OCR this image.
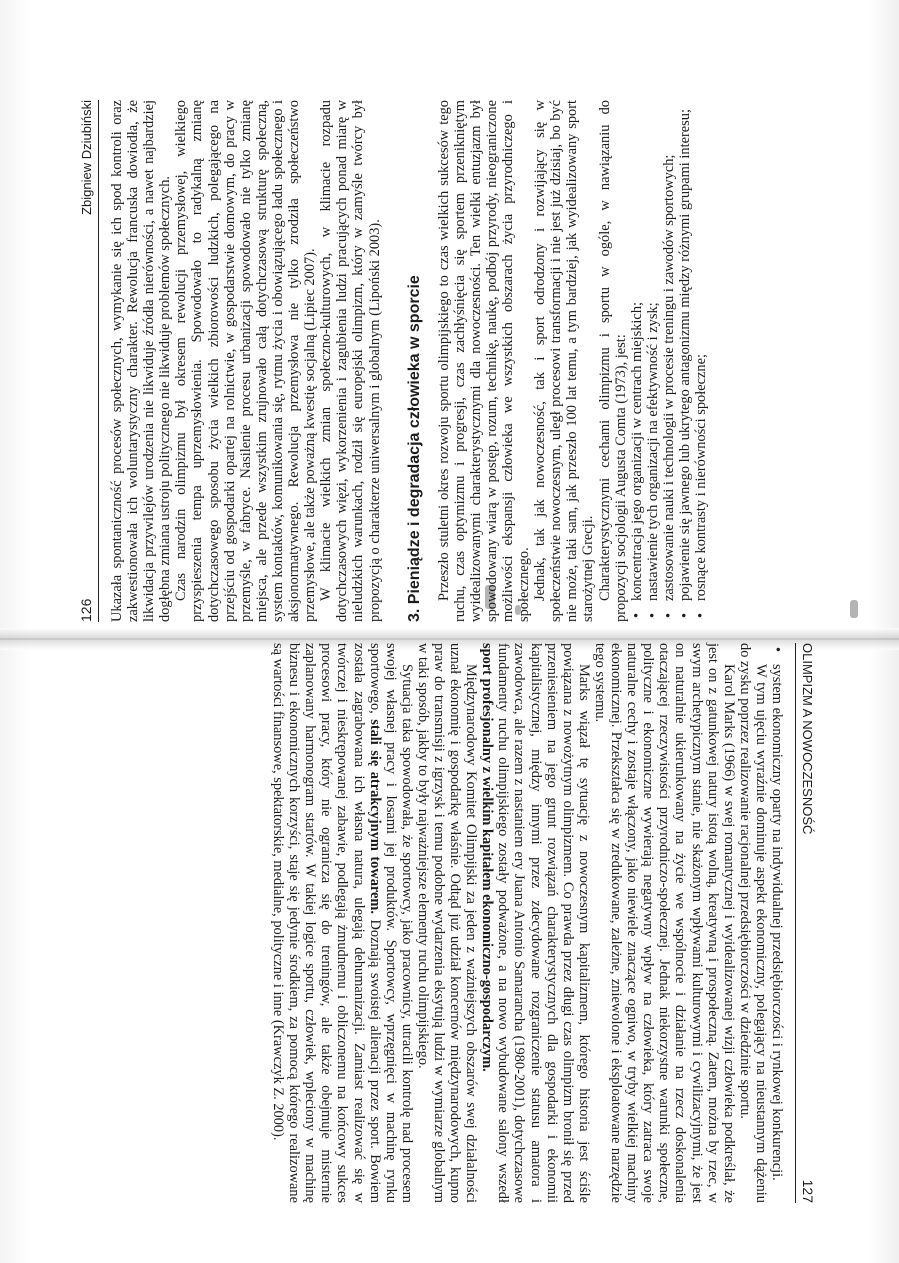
126
Zbigniew Dziubiński Ukazała spontaniczność procesów społecznych, wymykanie się ich spod kontroli oraz zakwestionowała ich woluntarystyczny charakter. Rewolucja francuska dowiodła, że likwidacja przywilejów urodzenia nie likwiduje źródła nierówności, a nawet najbardziej dogłębna zmiana ustroju politycznego nie likwiduje problemów społecznych. Czas narodzin olimpizmu był okresem rewolucji przemysłowej, wielkiego przyspieszenia tempa uprzemysłowienia. Spowodowało to radykalną zmianę dotychczasowego sposobu życia wielkich zbiorowości ludzkich, polegającego na przejściu od gospodarki opartej na rolnictwie, w gospodarstwie domowym, do pracy w przemyśle, w fabryce. Nasilenie procesu urbanizacji spowodowało nie tylko zmianę miejsca, ale przede wszystkim zrujnowało całą dotychczasową strukturę społeczną, system kontaktów, komunikowania się, rytmu życia i obowiązującego ładu społecznego i aksjonormatywnego. Rewolucja przemysłowa nie tylko zrodziła społeczeństwo przemysłowe, ale także poważną kwestię socjalną (Lipiec 2007). W klimacie wielkich zmian społeczno-kulturowych, w klimacie rozpadu dotychczasowych więzi, wykorzenienia i zagubienia ludzi pracujących ponad miarę w nieludzkich warunkach, rodził się europejski olimpizm, który w zamyśle twórcy był propozycją o charakterze uniwersalnym i globalnym (Lipoński 2003). 3. Pieniądze i degradacja człowieka w sporcie Przeszło stuletni okres rozwoju sportu olimpijskiego to czas wielkich sukcesów tego ruchu, czas optymizmu i progresji, czas zachłyśnięcia się sportem przenikniętym wyidealizowanymi charakterystycznymi dla nowoczesności. Ten wielki entuzjazm był spowodowany wiarą w postęp, rozum, technikę, naukę, podbój przyrody, nieograniczone możliwości ekspansji człowieka we wszystkich obszarach życia przyrodniczego i społecznego. Jednak, tak jak nowoczesność, tak i sport odrodzony i rozwijający się w społeczeństwie nowoczesnym, uległ procesowi transformacji i nie jest już dzisiaj, bo być nie może, taki sam, jak przeszło 100 lat temu, a tym bardziej, jak wyidealizowany sport starożytnej Grecji. Charakterystycznymi cechami olimpizmu i sportu w ogóle, w nawiązaniu do propozycji socjologii Augusta Comta (1973), jest: •
koncentracja jego organizacji w centrach miejskich;
•
nastawienie tych organizacji na efektywność i zysk;
•
zastosowanie nauki i technologii w procesie treningu i zawodów sportowych;
•
pojawienie się jawnego lub ukrytego antagonizmu między różnymi grupami interesu;
•
rosnące kontrasty i nierówności społeczne;
OLIMPIZM A NOWOCZESNOŚĆ
127
•
system ekonomiczny oparty na indywidualnej przedsiębiorczości i rynkowej konkurencji.

W tym ujęciu wyraźnie dominuje aspekt ekonomiczny, polegający na nieustannym dążeniu do zysku poprzez realizowanie racjonalnej przedsiębiorczości w dziedzinie sportu.

Karol Marks (1966) w swej romantycznej i wyidealizowanej wizji człowieka podkreślał, że jest on z gatunkowej natury istotą wolną, kreatywną i prospołeczną. Zatem, można by rzec, w swym archetypicznym stanie, nie skażonym wpływami kulturowymi i cywilizacyjnymi, że jest on naturalnie ukierunkowany na życie we wspólnocie i działanie na rzecz doskonalenia otaczającej rzeczywistości przyrodniczo-społecznej. Jednak niekorzystne warunki społeczne, polityczne i ekonomiczne wywierają negatywny wpływ na człowieka, który zatraca swoje naturalne cechy i zostaje włączony, jako niewiele znaczące ogniwo, w tryby wielkiej machiny ekonomicznej. Przekształca się w zredukowane, zależne, zniewolone i eksploatowane narzędzie tego systemu.

Marks wiązał tę sytuację z nowoczesnym kapitalizmem, którego historia jest ściśle powiązana z nowożytnym olimpizmem. Co prawda przez długi czas olimpizm bronił się przed przeniesieniem na jego grunt rozwiązań charakterystycznych dla gospodarki i ekonomii kapitalistycznej, między innymi przez zdecydowane rozgraniczenie statusu amatora i zawodowca, ale razem z nastaniem ery Juana Antonio Samarancha (1980-2001), dotychczasowe fundamenty ruchu olimpijskiego zostały podważone, a na nowo wybudowane salony wszedł sport profesjonalny z wielkim kapitałem ekonomiczno-gospodarczym.

Międzynarodowy Komitet Olimpijski za jeden z ważniejszych obszarów swej działalności uznał ekonomię i gospodarkę właśnie. Odtąd już udział koncernów międzynarodowych, kupno praw do transmisji z igrzysk i temu podobne wydarzenia eksytują ludzi w wymiarze globalnym w taki sposób, jakby to były najważniejsze elementy ruchu olimpijskiego.

Sytuacja taka spowodowała, że sportowcy, jako pracownicy, utracili kontrolę nad procesem swojej własnej pracy i losami jej produktów. Sportowcy, wprzęgnięci w machinę rynku sportowego, stali się atrakcyjnym towarem. Doznają swoistej alienacji przez sport. Bowiem została zagrabowana ich własna natura, ulegają dehumanizacji. Zamiast realizować się w twórczej i nieskrępowanej zabawie, podlegają żmudnemu i obliczonemu na końcowy sukces procesowi pracy, który nie ogranicza się do treningów, ale także obejmuje misternie zaplanowany harmonogram startów. W takiej logice sportu, człowiek, wpleciony w machinę biznesu i ekonomicznych korzyści, staje się jedynie środkiem, za pomocą którego realizowane są wartości finansowe, spektatorskie, medialne, polityczne i inne (Krawczyk Z. 2000).
